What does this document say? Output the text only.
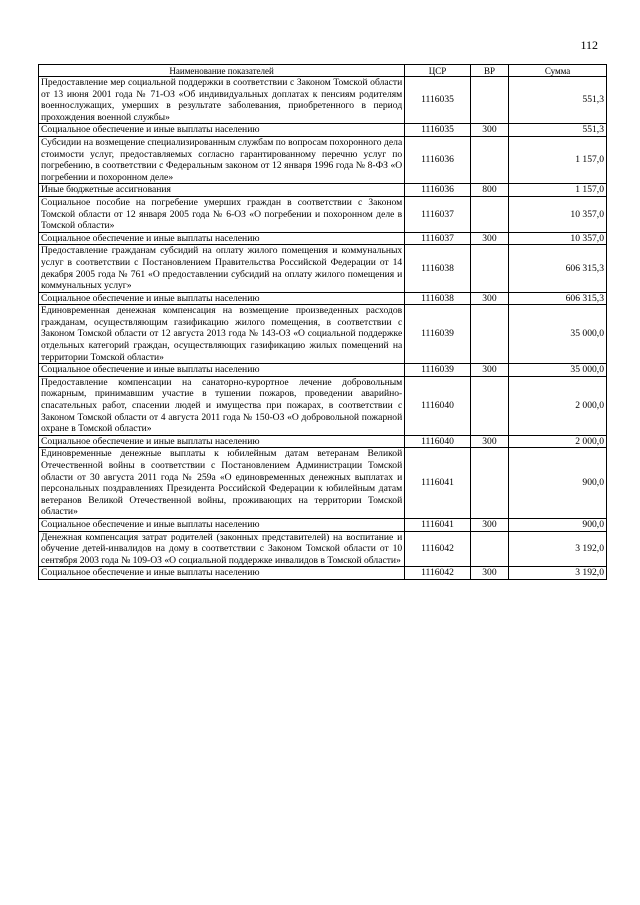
112
Наименование показателей	ЦСР	ВР	Сумма
Предоставление мер социальной поддержки в соответствии с Законом Томской области от 13 июня 2001 года № 71-ОЗ «Об индивидуальных доплатах к пенсиям родителям военнослужащих, умерших в результате заболевания, приобретенного в период прохождения военной службы»	1116035		551,3
Социальное обеспечение и иные выплаты населению	1116035	300	551,3
Субсидии на возмещение специализированным службам по вопросам похоронного дела стоимости услуг, предоставляемых согласно гарантированному перечню услуг по погребению, в соответствии с Федеральным законом от 12 января 1996 года № 8-ФЗ «О погребении и похоронном деле»	1116036		1 157,0
Иные бюджетные ассигнования	1116036	800	1 157,0
Социальное пособие на погребение умерших граждан в соответствии с Законом Томской области от 12 января 2005 года № 6-ОЗ «О погребении и похоронном деле в Томской области»	1116037		10 357,0
Социальное обеспечение и иные выплаты населению	1116037	300	10 357,0
Предоставление гражданам субсидий на оплату жилого помещения и коммунальных услуг в соответствии с Постановлением Правительства Российской Федерации от 14 декабря 2005 года № 761 «О предоставлении субсидий на оплату жилого помещения и коммунальных услуг»	1116038		606 315,3
Социальное обеспечение и иные выплаты населению	1116038	300	606 315,3
Единовременная денежная компенсация на возмещение произведенных расходов гражданам, осуществляющим газификацию жилого помещения, в соответствии с Законом Томской области от 12 августа 2013 года № 143-ОЗ «О социальной поддержке отдельных категорий граждан, осуществляющих газификацию жилых помещений на территории Томской области»	1116039		35 000,0
Социальное обеспечение и иные выплаты населению	1116039	300	35 000,0
Предоставление компенсации на санаторно-курортное лечение добровольным пожарным, принимавшим участие в тушении пожаров, проведении аварийно-спасательных работ, спасении людей и имущества при пожарах, в соответствии с Законом Томской области от 4 августа 2011 года № 150-ОЗ «О добровольной пожарной охране в Томской области»	1116040		2 000,0
Социальное обеспечение и иные выплаты населению	1116040	300	2 000,0
Единовременные денежные выплаты к юбилейным датам ветеранам Великой Отечественной войны в соответствии с Постановлением Администрации Томской области от 30 августа 2011 года № 259а «О единовременных денежных выплатах и персональных поздравлениях Президента Российской Федерации к юбилейным датам ветеранов Великой Отечественной войны, проживающих на территории Томской области»	1116041		900,0
Социальное обеспечение и иные выплаты населению	1116041	300	900,0
Денежная компенсация затрат родителей (законных представителей) на воспитание и обучение детей-инвалидов на дому в соответствии с Законом Томской области от 10 сентября 2003 года № 109-ОЗ «О социальной поддержке инвалидов в Томской области»	1116042		3 192,0
Социальное обеспечение и иные выплаты населению	1116042	300	3 192,0
